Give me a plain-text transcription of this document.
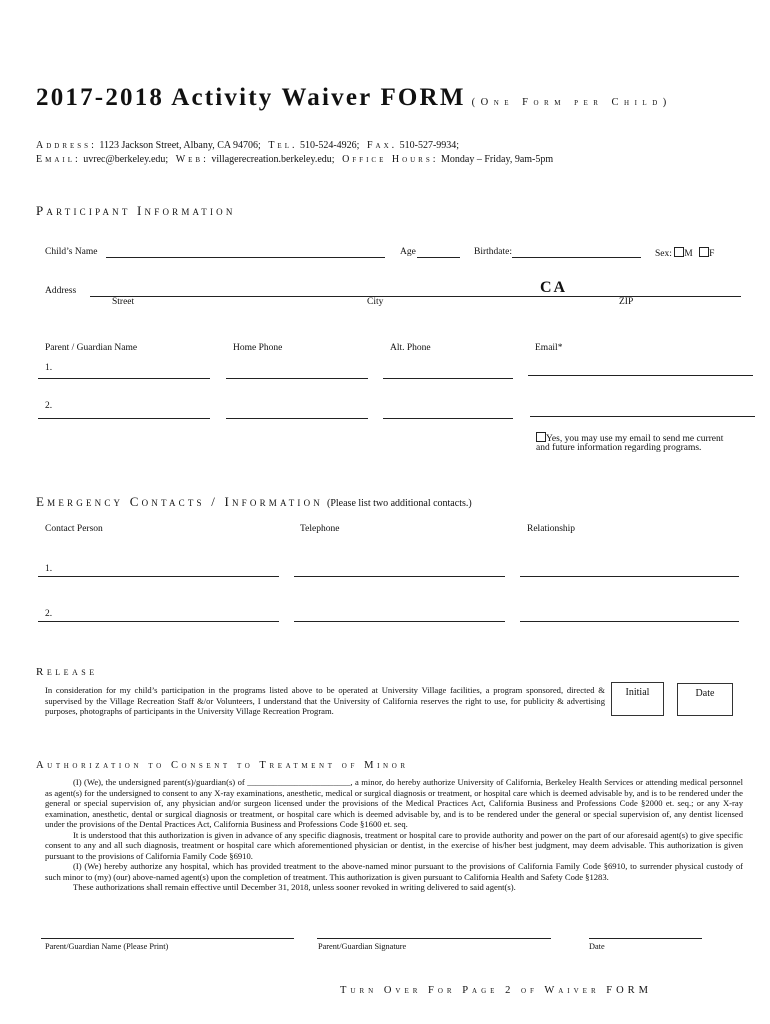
2017-2018 Activity Waiver FORM (One Form per Child)
Address: 1123 Jackson Street, Albany, CA 94706; Tel. 510-524-4926; Fax. 510-527-9934;
Email: uvrec@berkeley.edu; Web: villagerecreation.berkeley.edu; Office Hours: Monday – Friday, 9am-5pm
Participant Information
Child’s Name	Age	Birthdate:	Sex: M F
Address	CA
Street	City	ZIP
Parent / Guardian Name	Home Phone	Alt. Phone	Email*
1.
2.
Yes, you may use my email to send me current
and future information regarding programs.
Emergency Contacts / Information (Please list two additional contacts.)
Contact Person	Telephone	Relationship
1.
2.
Release
In consideration for my child’s participation in the programs listed above to be operated at University Village facilities, a program sponsored, directed & supervised by the Village Recreation Staff &/or Volunteers, I understand that the University of California reserves the right to use, for publicity & advertising purposes, photographs of participants in the University Village Recreation Program.
Initial	Date
Authorization to Consent to Treatment of Minor

(I) (We), the undersigned parent(s)/guardian(s) of ________________________, a minor, do hereby authorize University of California, Berkeley Health Services or attending medical personnel as agent(s) for the undersigned to consent to any X-ray examinations, anesthetic, medical or surgical diagnosis or treatment, or hospital care which is deemed advisable by, and is to be rendered under the general or special supervision of, any physician and/or surgeon licensed under the provisions of the Medical Practices Act, California Business and Professions Code §2000 et. seq.; or any X-ray examination, anesthetic, dental or surgical diagnosis or treatment, or hospital care which is deemed advisable by, and is to be rendered under the general or special supervision of, any dentist licensed under the provisions of the Dental Practices Act, California Business and Professions Code §1600 et. seq.

It is understood that this authorization is given in advance of any specific diagnosis, treatment or hospital care to provide authority and power on the part of our aforesaid agent(s) to give specific consent to any and all such diagnosis, treatment or hospital care which aforementioned physician or dentist, in the exercise of his/her best judgment, may deem advisable. This authorization is given pursuant to the provisions of California Family Code §6910.

(I) (We) hereby authorize any hospital, which has provided treatment to the above-named minor pursuant to the provisions of California Family Code §6910, to surrender physical custody of such minor to (my) (our) above-named agent(s) upon the completion of treatment. This authorization is given pursuant to California Health and Safety Code §1283.

These authorizations shall remain effective until December 31, 2018, unless sooner revoked in writing delivered to said agent(s).

Parent/Guardian Name (Please Print)	Parent/Guardian Signature	Date
Turn Over For Page 2 of Waiver FORM
